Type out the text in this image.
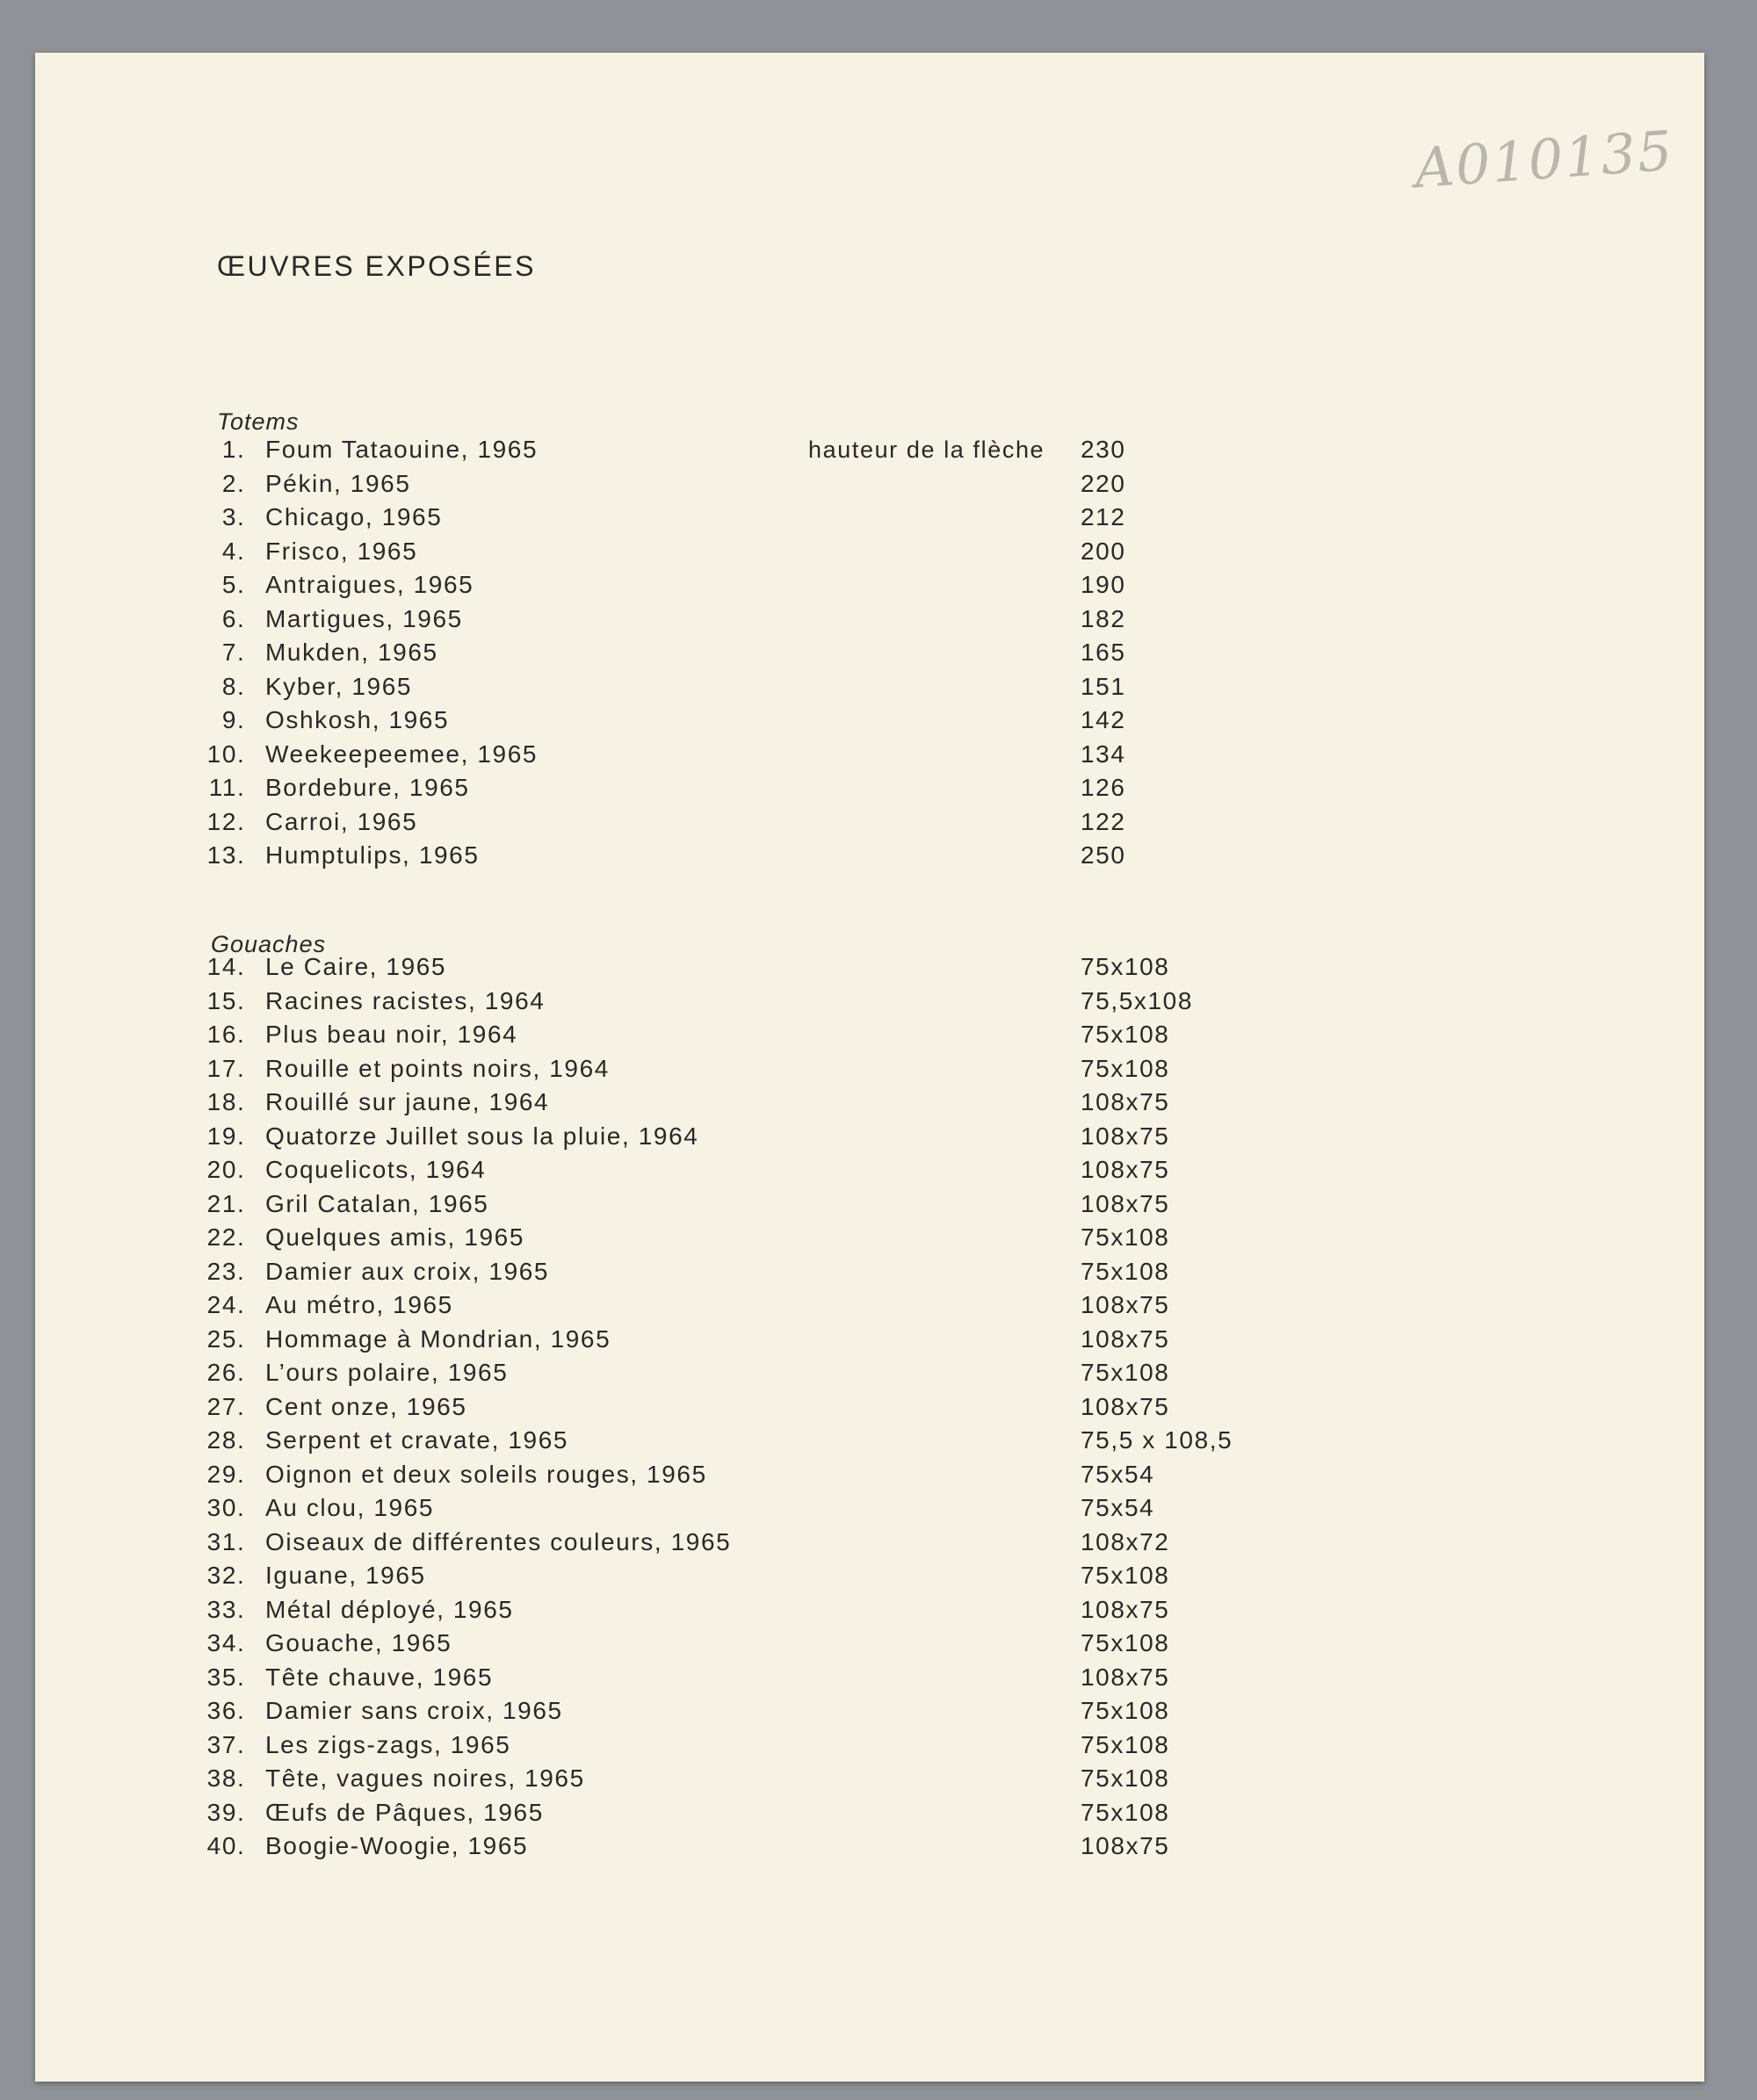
A010135

ŒUVRES EXPOSÉES
Totems
Gouaches
1. Foum Tataouine, 1965	hauteur de la flèche 230
2. Pékin, 1965	220
3. Chicago, 1965	212
4. Frisco, 1965	200
5. Antraigues, 1965	190
6. Martigues, 1965	182
7. Mukden, 1965	165
8. Kyber, 1965	151
9. Oshkosh, 1965	142
10. Weekeepeemee, 1965	134
11. Bordebure, 1965	126
12. Carroi, 1965	122
13. Humptulips, 1965	250
14. Le Caire, 1965	75x108
15. Racines racistes, 1964	75,5x108
16. Plus beau noir, 1964	75x108
17. Rouille et points noirs, 1964	75x108
18. Rouillé sur jaune, 1964	108x75
19. Quatorze Juillet sous la pluie, 1964	108x75
20. Coquelicots, 1964	108x75
21. Gril Catalan, 1965	108x75
22. Quelques amis, 1965	75x108
23. Damier aux croix, 1965	75x108
24. Au métro, 1965	108x75
25. Hommage à Mondrian, 1965	108x75
26. L’ours polaire, 1965	75x108
27. Cent onze, 1965	108x75
28. Serpent et cravate, 1965	75,5 x 108,5
29. Oignon et deux soleils rouges, 1965	75x54
30. Au clou, 1965	75x54
31. Oiseaux de différentes couleurs, 1965	108x72
32. Iguane, 1965	75x108
33. Métal déployé, 1965	108x75
34. Gouache, 1965	75x108
35. Tête chauve, 1965	108x75
36. Damier sans croix, 1965	75x108
37. Les zigs-zags, 1965	75x108
38. Tête, vagues noires, 1965	75x108
39. Œufs de Pâques, 1965	75x108
40. Boogie-Woogie, 1965	108x75
